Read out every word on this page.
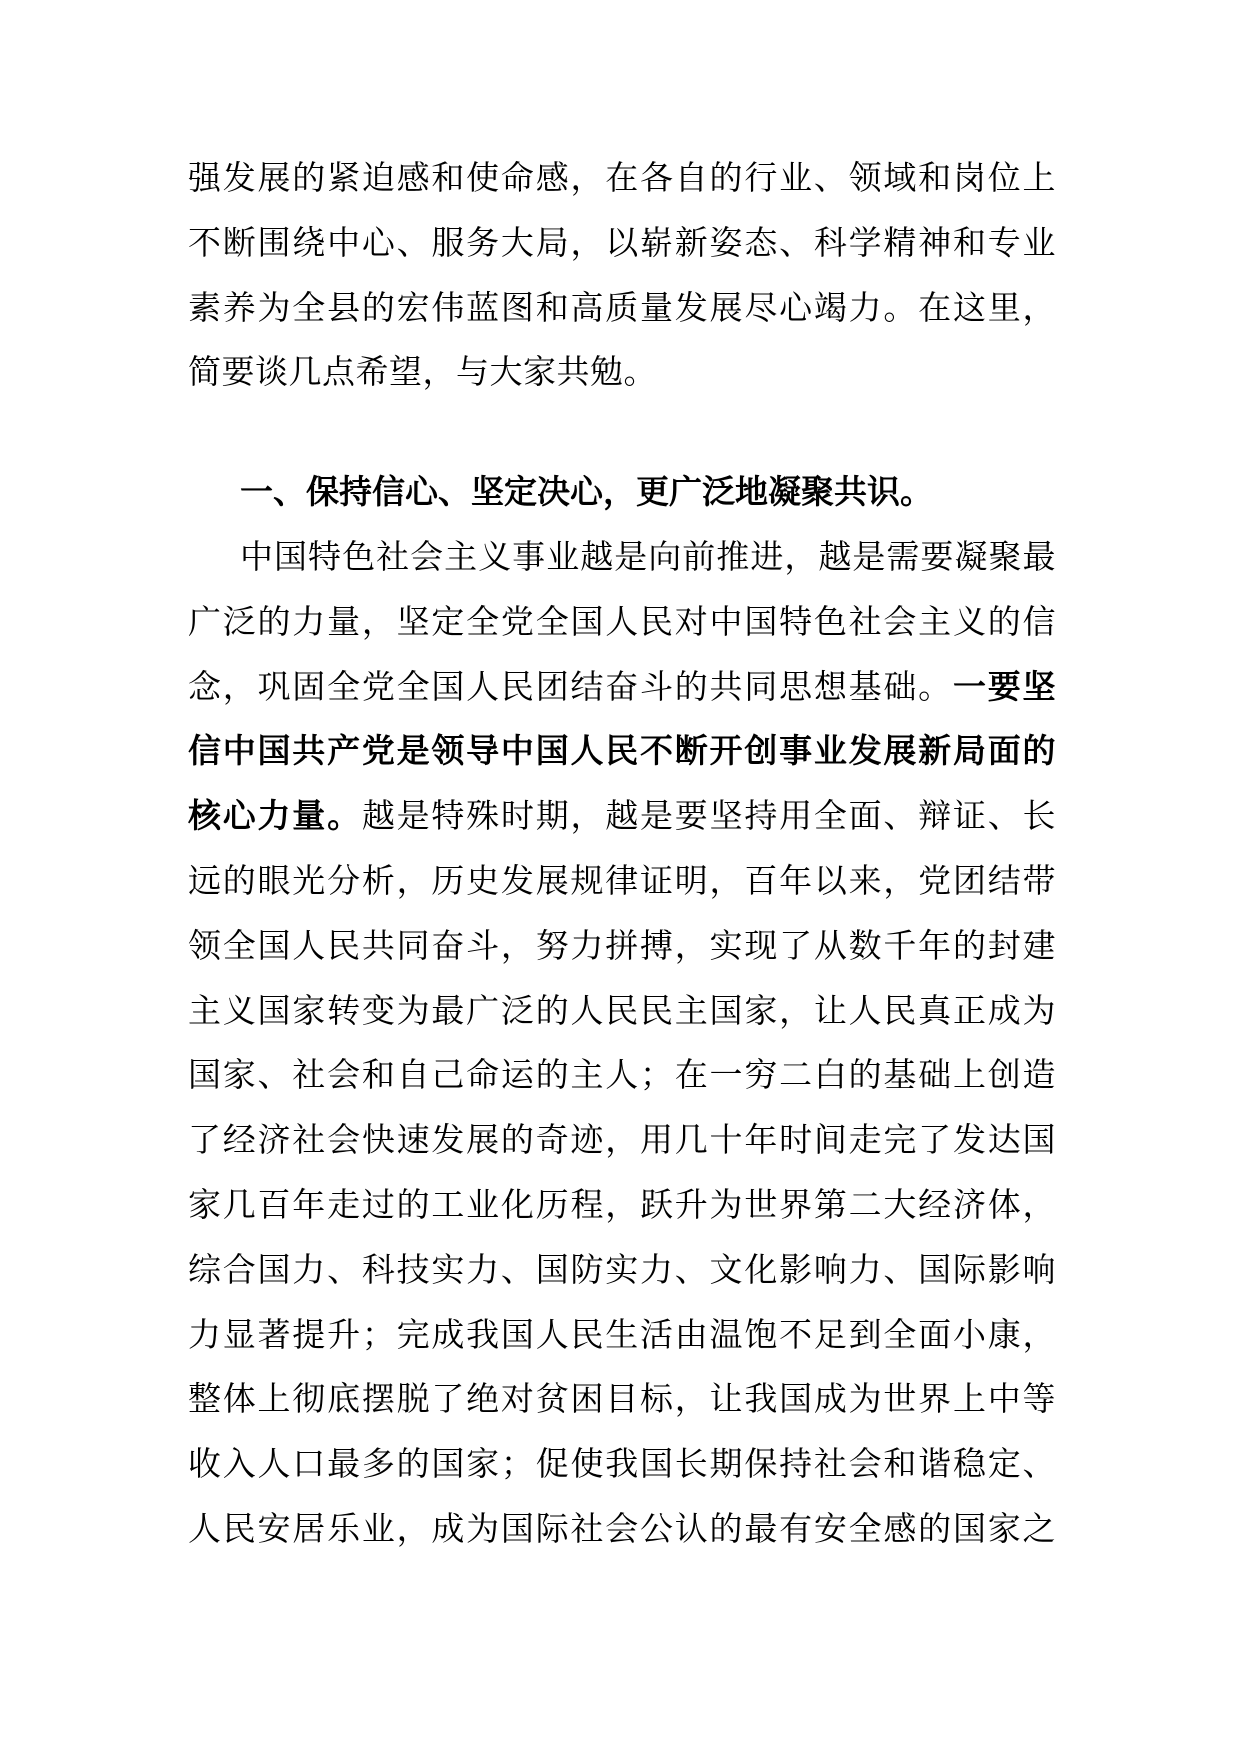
强发展的紧迫感和使命感，在各自的行业、领域和岗位上
不断围绕中心、服务大局，以崭新姿态、科学精神和专业
素养为全县的宏伟蓝图和高质量发展尽心竭力。在这里，
简要谈几点希望，与大家共勉。
一、保持信心、坚定决心，更广泛地凝聚共识。
中国特色社会主义事业越是向前推进，越是需要凝聚最
广泛的力量，坚定全党全国人民对中国特色社会主义的信
念，巩固全党全国人民团结奋斗的共同思想基础。一要坚
信中国共产党是领导中国人民不断开创事业发展新局面的
核心力量。越是特殊时期，越是要坚持用全面、辩证、长
远的眼光分析，历史发展规律证明，百年以来，党团结带
领全国人民共同奋斗，努力拼搏，实现了从数千年的封建
主义国家转变为最广泛的人民民主国家，让人民真正成为
国家、社会和自己命运的主人；在一穷二白的基础上创造
了经济社会快速发展的奇迹，用几十年时间走完了发达国
家几百年走过的工业化历程，跃升为世界第二大经济体，
综合国力、科技实力、国防实力、文化影响力、国际影响
力显著提升；完成我国人民生活由温饱不足到全面小康，
整体上彻底摆脱了绝对贫困目标，让我国成为世界上中等
收入人口最多的国家；促使我国长期保持社会和谐稳定、
人民安居乐业，成为国际社会公认的最有安全感的国家之
